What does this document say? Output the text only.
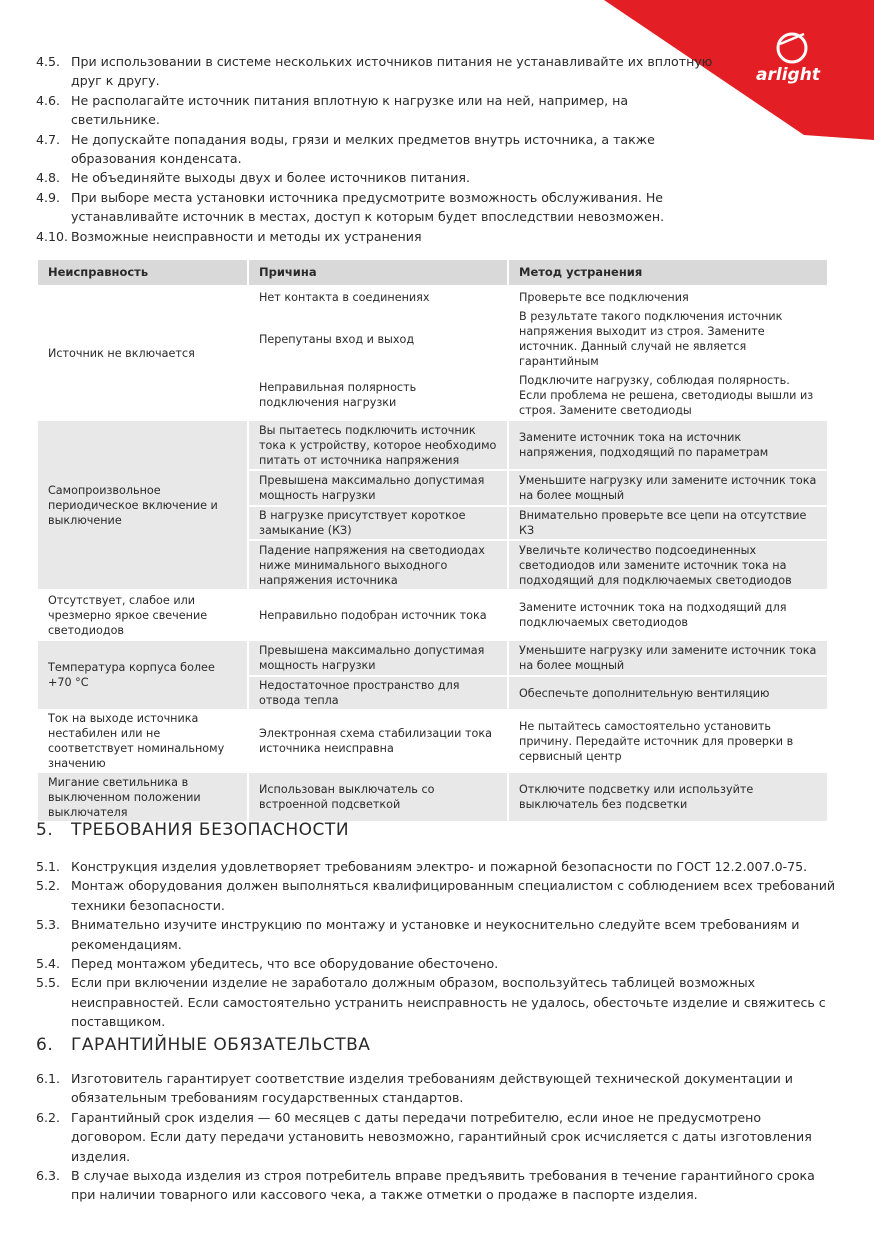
arlight
4.5. При использовании в системе нескольких источников питания не устанавливайте их вплотную друг к другу.
4.6. Не располагайте источник питания вплотную к нагрузке или на ней, например, на светильнике.
4.7. Не допускайте попадания воды, грязи и мелких предметов внутрь источника, а также образования конденсата.
4.8. Не объединяйте выходы двух и более источников питания.
4.9. При выборе места установки источника предусмотрите возможность обслуживания. Не устанавливайте источник в местах, доступ к которым будет впоследствии невозможен.
4.10. Возможные неисправности и методы их устранения
Неисправность	Причина	Метод устранения
Источник не включается	Нет контакта в соединениях	Проверьте все подключения
	Перепутаны вход и выход	В результате такого подключения источник напряжения выходит из строя. Замените источник. Данный случай не является гарантийным
	Неправильная полярность подключения нагрузки	Подключите нагрузку, соблюдая полярность. Если проблема не решена, светодиоды вышли из строя. Замените светодиоды
Самопроизвольное периодическое включение и выключение	Вы пытаетесь подключить источник тока к устройству, которое необходимо питать от источника напряжения	Замените источник тока на источник напряжения, подходящий по параметрам
	Превышена максимально допустимая мощность нагрузки	Уменьшите нагрузку или замените источник тока на более мощный
	В нагрузке присутствует короткое замыкание (КЗ)	Внимательно проверьте все цепи на отсутствие КЗ
	Падение напряжения на светодиодах ниже минимального выходного напряжения источника	Увеличьте количество подсоединенных светодиодов или замените источник тока на подходящий для подключаемых светодиодов
Отсутствует, слабое или чрезмерно яркое свечение светодиодов	Неправильно подобран источник тока	Замените источник тока на подходящий для подключаемых светодиодов
Температура корпуса более +70 °C	Превышена максимально допустимая мощность нагрузки	Уменьшите нагрузку или замените источник тока на более мощный
	Недостаточное пространство для отвода тепла	Обеспечьте дополнительную вентиляцию
Ток на выходе источника нестабилен или не соответствует номинальному значению	Электронная схема стабилизации тока источника неисправна	Не пытайтесь самостоятельно установить причину. Передайте источник для проверки в сервисный центр
Мигание светильника в выключенном положении выключателя	Использован выключатель со встроенной подсветкой	Отключите подсветку или используйте выключатель без подсветки
5.	ТРЕБОВАНИЯ БЕЗОПАСНОСТИ
5.1. Конструкция изделия удовлетворяет требованиям электро- и пожарной безопасности по ГОСТ 12.2.007.0-75.
5.2. Монтаж оборудования должен выполняться квалифицированным специалистом с соблюдением всех требований техники безопасности.
5.3. Внимательно изучите инструкцию по монтажу и установке и неукоснительно следуйте всем требованиям и рекомендациям.
5.4. Перед монтажом убедитесь, что все оборудование обесточено.
5.5. Если при включении изделие не заработало должным образом, воспользуйтесь таблицей возможных неисправностей. Если самостоятельно устранить неисправность не удалось, обесточьте изделие и свяжитесь с поставщиком.
6.	ГАРАНТИЙНЫЕ ОБЯЗАТЕЛЬСТВА
6.1. Изготовитель гарантирует соответствие изделия требованиям действующей технической документации и обязательным требованиям государственных стандартов.
6.2. Гарантийный срок изделия — 60 месяцев с даты передачи потребителю, если иное не предусмотрено договором. Если дату передачи установить невозможно, гарантийный срок исчисляется с даты изготовления изделия.
6.3. В случае выхода изделия из строя потребитель вправе предъявить требования в течение гарантийного срока при наличии товарного или кассового чека, а также отметки о продаже в паспорте изделия.
